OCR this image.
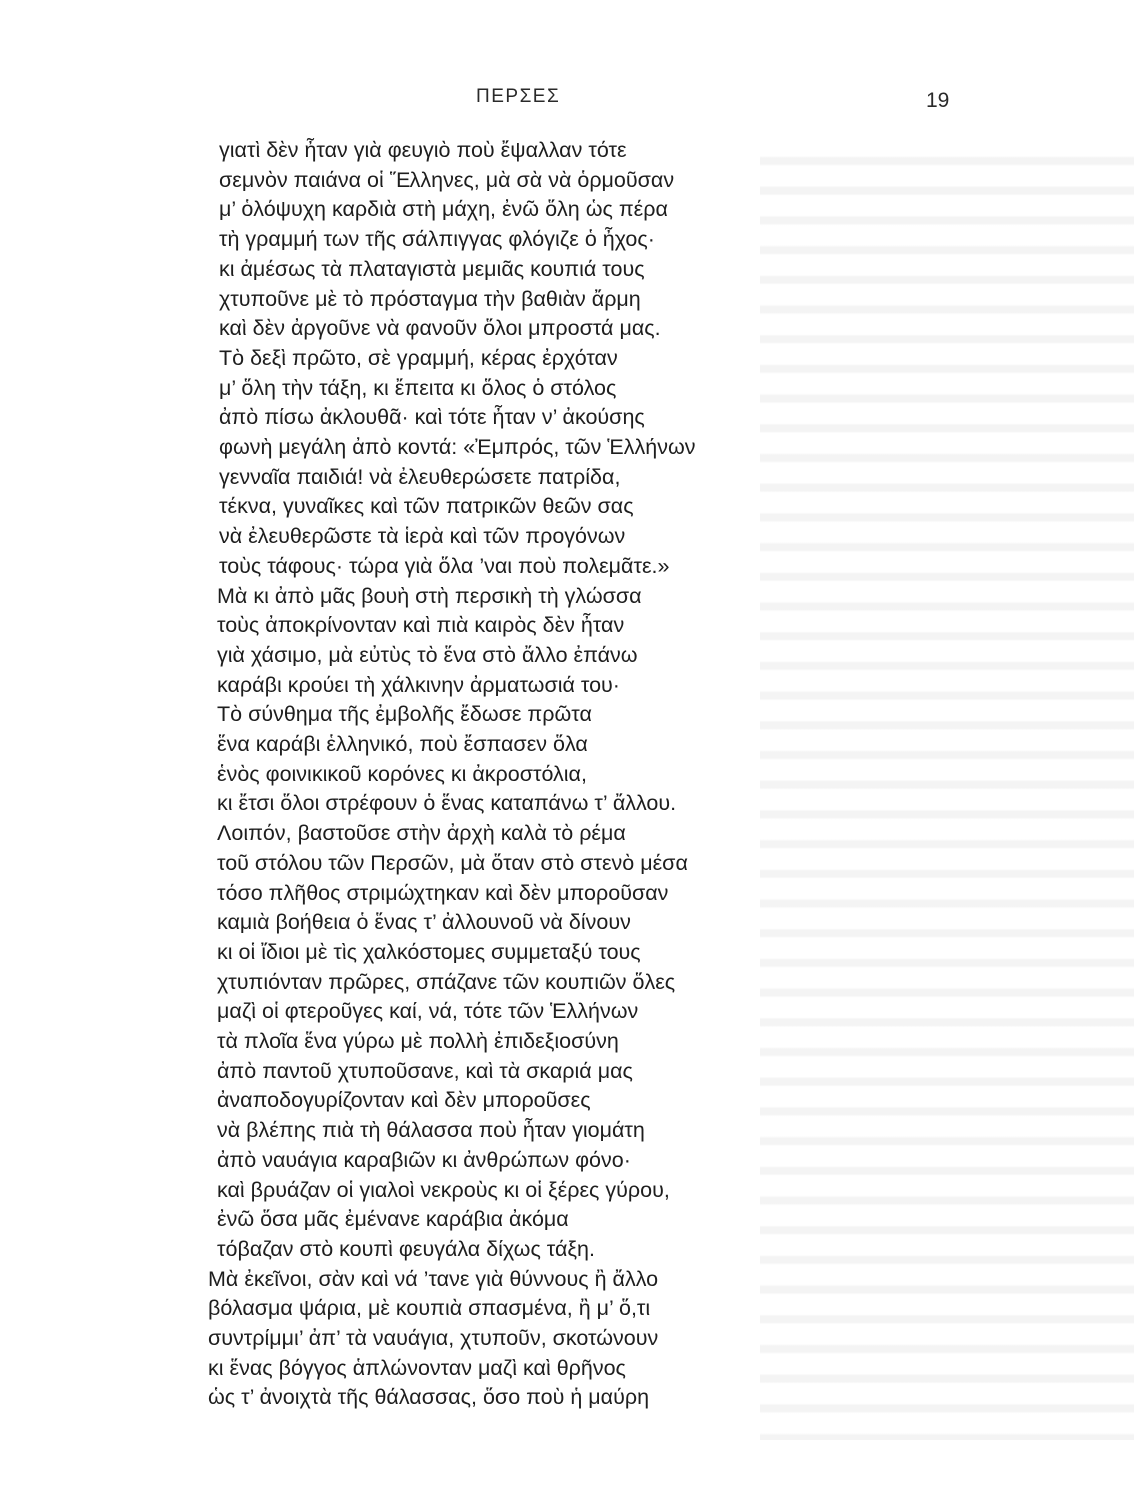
ΠΕΡΣΕΣ	19
γιατὶ δὲν ἦταν γιὰ φευγιὸ ποὺ ἔψαλλαν τότε
σεμνὸν παιάνα οἱ Ἕλληνες, μὰ σὰ νὰ ὁρμοῦσαν
μ’ ὁλόψυχη καρδιὰ στὴ μάχη, ἐνῶ ὅλη ὡς πέρα
τὴ γραμμή των τῆς σάλπιγγας φλόγιζε ὁ ἦχος·
κι ἀμέσως τὰ πλαταγιστὰ μεμιᾶς κουπιά τους
χτυποῦνε μὲ τὸ πρόσταγμα τὴν βαθιὰν ἄρμη
καὶ δὲν ἀργοῦνε νὰ φανοῦν ὅλοι μπροστά μας.
Τὸ δεξὶ πρῶτο, σὲ γραμμή, κέρας ἐρχόταν
μ’ ὅλη τὴν τάξη, κι ἔπειτα κι ὅλος ὁ στόλος
ἀπὸ πίσω ἀκλουθᾶ· καὶ τότε ἦταν ν’ ἀκούσης
φωνὴ μεγάλη ἀπὸ κοντά: «Ἐμπρός, τῶν Ἑλλήνων
γενναῖα παιδιά! νὰ ἐλευθερώσετε πατρίδα,
τέκνα, γυναῖκες καὶ τῶν πατρικῶν θεῶν σας
νὰ ἐλευθερῶστε τὰ ἱερὰ καὶ τῶν προγόνων
τοὺς τάφους· τώρα γιὰ ὅλα ’ναι ποὺ πολεμᾶτε.»
Μὰ κι ἀπὸ μᾶς βουὴ στὴ περσικὴ τὴ γλώσσα
τοὺς ἀποκρίνονταν καὶ πιὰ καιρὸς δὲν ἦταν
γιὰ χάσιμο, μὰ εὐτὺς τὸ ἕνα στὸ ἄλλο ἐπάνω
καράβι κρούει τὴ χάλκινην ἀρματωσιά του·
Τὸ σύνθημα τῆς ἐμβολῆς ἔδωσε πρῶτα
ἕνα καράβι ἑλληνικό, ποὺ ἔσπασεν ὅλα
ἑνὸς φοινικικοῦ κορόνες κι ἀκροστόλια,
κι ἔτσι ὅλοι στρέφουν ὁ ἕνας καταπάνω τ’ ἄλλου.
Λοιπόν, βαστοῦσε στὴν ἀρχὴ καλὰ τὸ ρέμα
τοῦ στόλου τῶν Περσῶν, μὰ ὅταν στὸ στενὸ μέσα
τόσο πλῆθος στριμώχτηκαν καὶ δὲν μποροῦσαν
καμιὰ βοήθεια ὁ ἕνας τ’ ἀλλουνοῦ νὰ δίνουν
κι οἱ ἴδιοι μὲ τὶς χαλκόστομες συμμεταξύ τους
χτυπιόνταν πρῶρες, σπάζανε τῶν κουπιῶν ὅλες
μαζὶ οἱ φτεροῦγες καί, νά, τότε τῶν Ἑλλήνων
τὰ πλοῖα ἕνα γύρω μὲ πολλὴ ἐπιδεξιοσύνη
ἀπὸ παντοῦ χτυποῦσανε, καὶ τὰ σκαριά μας
ἀναποδογυρίζονταν καὶ δὲν μποροῦσες
νὰ βλέπης πιὰ τὴ θάλασσα ποὺ ἦταν γιομάτη
ἀπὸ ναυάγια καραβιῶν κι ἀνθρώπων φόνο·
καὶ βρυάζαν οἱ γιαλοὶ νεκροὺς κι οἱ ξέρες γύρου,
ἐνῶ ὅσα μᾶς ἐμένανε καράβια ἀκόμα
τόβαζαν στὸ κουπὶ φευγάλα δίχως τάξη.
Μὰ ἐκεῖνοι, σὰν καὶ νά ’τανε γιὰ θύννους ἢ ἄλλο
βόλασμα ψάρια, μὲ κουπιὰ σπασμένα, ἢ μ’ ὅ,τι
συντρίμμι’ ἀπ’ τὰ ναυάγια, χτυποῦν, σκοτώνουν
κι ἕνας βόγγος ἁπλώνονταν μαζὶ καὶ θρῆνος
ὡς τ’ ἀνοιχτὰ τῆς θάλασσας, ὅσο ποὺ ἡ μαύρη
